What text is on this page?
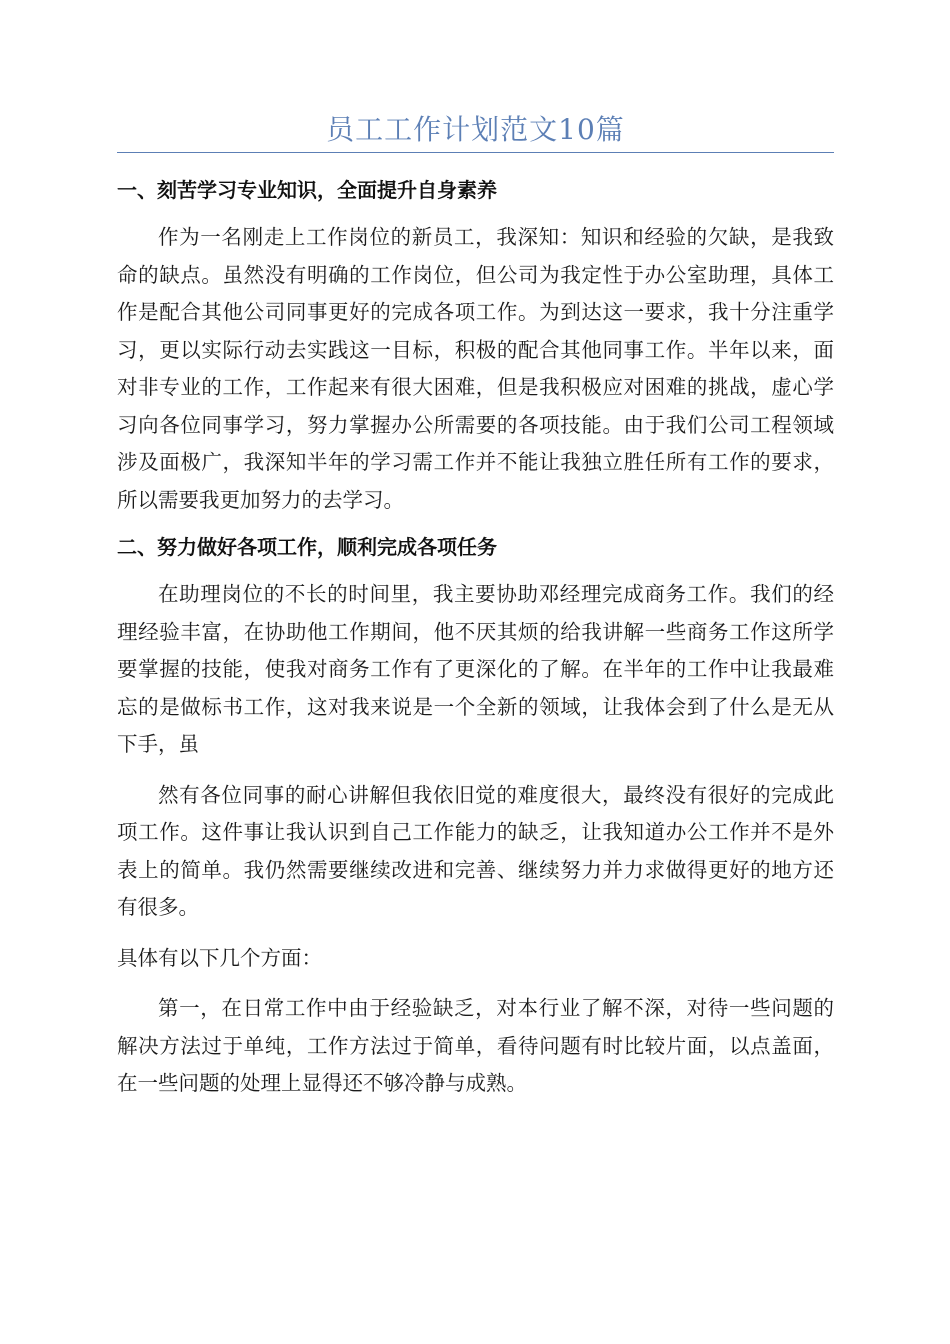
员工工作计划范文10篇
一、刻苦学习专业知识，全面提升自身素养

作为一名刚走上工作岗位的新员工，我深知：知识和经验的欠缺，是我致命的缺点。虽然没有明确的工作岗位，但公司为我定性于办公室助理，具体工作是配合其他公司同事更好的完成各项工作。为到达这一要求，我十分注重学习，更以实际行动去实践这一目标，积极的配合其他同事工作。半年以来，面对非专业的工作，工作起来有很大困难，但是我积极应对困难的挑战，虚心学习向各位同事学习，努力掌握办公所需要的各项技能。由于我们公司工程领域涉及面极广，我深知半年的学习需工作并不能让我独立胜任所有工作的要求，所以需要我更加努力的去学习。

二、努力做好各项工作，顺利完成各项任务

在助理岗位的不长的时间里，我主要协助邓经理完成商务工作。我们的经理经验丰富，在协助他工作期间，他不厌其烦的给我讲解一些商务工作这所学要掌握的技能，使我对商务工作有了更深化的了解。在半年的工作中让我最难忘的是做标书工作，这对我来说是一个全新的领域，让我体会到了什么是无从下手，虽

然有各位同事的耐心讲解但我依旧觉的难度很大，最终没有很好的完成此项工作。这件事让我认识到自己工作能力的缺乏，让我知道办公工作并不是外表上的简单。我仍然需要继续改进和完善、继续努力并力求做得更好的地方还有很多。

具体有以下几个方面：

第一，在日常工作中由于经验缺乏，对本行业了解不深，对待一些问题的解决方法过于单纯，工作方法过于简单，看待问题有时比较片面，以点盖面，在一些问题的处理上显得还不够冷静与成熟。
